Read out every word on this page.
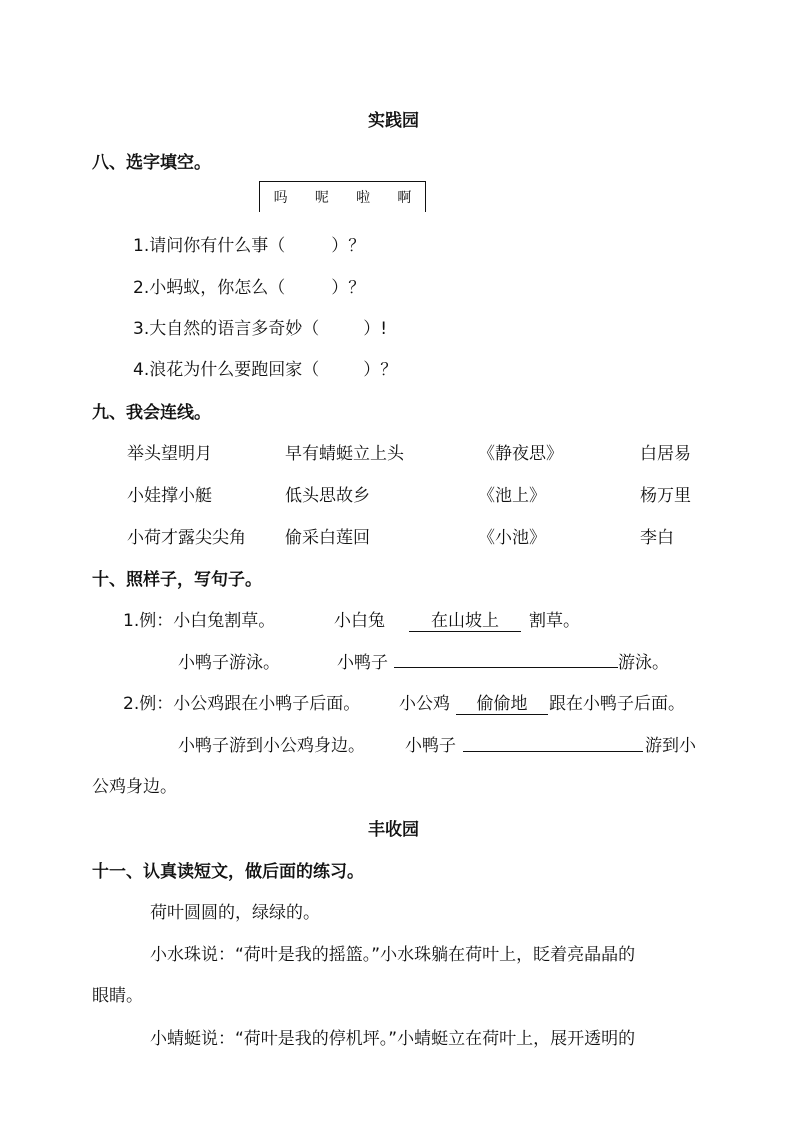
实践园
八、选字填空。
吗 呢 啦 啊
1.请问你有什么事（	）？
2.小蚂蚁，你怎么（	）？
3.大自然的语言多奇妙（	）!
4.浪花为什么要跑回家（	）？
九、我会连线。
举头望明月	早有蜻蜓立上头	《静夜思》	白居易
小娃撑小艇	低头思故乡	《池上》	杨万里
小荷才露尖尖角 偷采白莲回	《小池》	李白
十、照样子，写句子。
1.例：小白兔割草。	小白兔	在山坡上	割草。
小鸭子游泳。	小鸭子	游泳。
2.例：小公鸡跟在小鸭子后面。 小公鸡	偷偷地	跟在小鸭子后面。
小鸭子游到小公鸡身边。 小鸭子	游到小
公鸡身边。
丰收园
十一、认真读短文，做后面的练习。
荷叶圆圆的，绿绿的。
小水珠说：“荷叶是我的摇篮。”小水珠躺在荷叶上，眨着亮晶晶的
眼睛。
小蜻蜓说：“荷叶是我的停机坪。”小蜻蜓立在荷叶上，展开透明的
